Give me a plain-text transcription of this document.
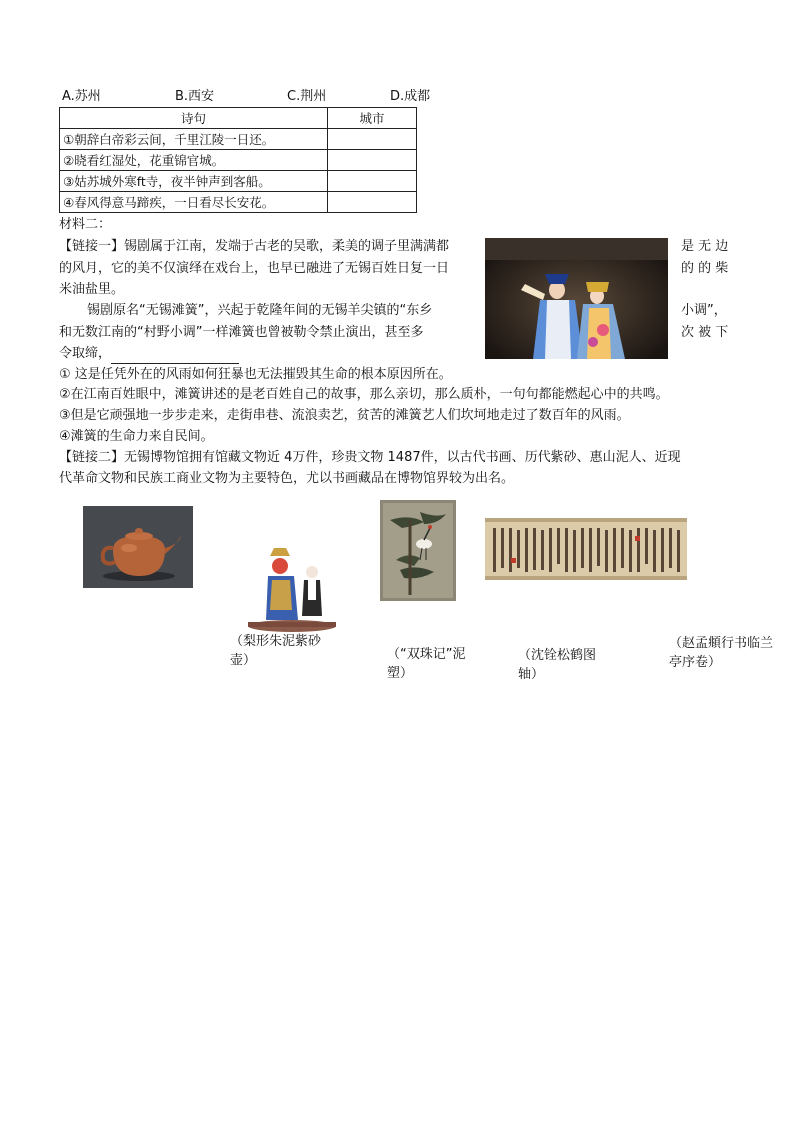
A.苏州	B.西安	C.荆州	D.成都
诗句	城市
①朝辞白帝彩云间，千里江陵一日还。	
②晓看红湿处，花重锦官城。	
③姑苏城外寒ft寺，夜半钟声到客船。	
④春风得意马蹄疾，一日看尽长安花。	
材料二：
【链接一】锡剧属于江南，发端于古老的吴歌，柔美的调子里满满都	是 无 边
的风月，它的美不仅演绎在戏台上，也早已融进了无锡百姓日复一日	的 的 柴
米油盐里。
锡剧原名“无锡滩簧”，兴起于乾隆年间的无锡羊尖镇的“东乡	小调”，
和无数江南的“村野小调”一样滩簧也曾被勒令禁止演出，甚至多	次 被 下
令取缔，
① 这是任凭外在的风雨如何狂暴也无法摧毁其生命的根本原因所在。
②在江南百姓眼中，滩簧讲述的是老百姓自己的故事，那么亲切，那么质朴，一句句都能燃起心中的共鸣。
③但是它顽强地一步步走来，走街串巷、流浪卖艺，贫苦的滩簧艺人们坎坷地走过了数百年的风雨。
④滩簧的生命力来自民间。
【链接二】无锡博物馆拥有馆藏文物近 4万件，珍贵文物 1487件，以古代书画、历代紫砂、惠山泥人、近现
代革命文物和民族工商业文物为主要特色，尤以书画藏品在博物馆界较为出名。
（梨形朱泥紫砂壶）	（“双珠记”泥塑）
（沈铨松鹤图轴）
（赵孟頫行书临兰亭序卷）
